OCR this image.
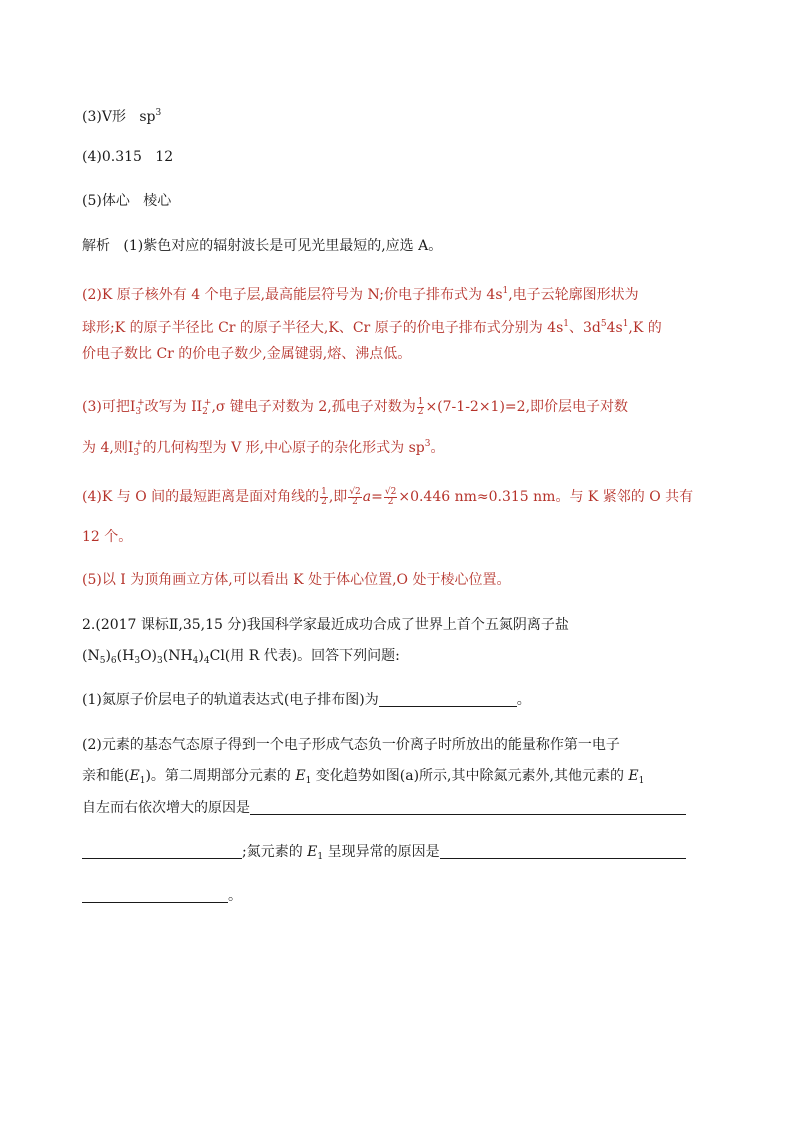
(3)V形 $sp^3$
(4)0.315 12
(5)体心 棱心
解析 (1)紫色对应的辐射波长是可见光里最短的,应选 A。
(2)K 原子核外有 4 个电子层,最高能层符号为 N;价电子排布式为 $4s^1$,电子云轮廓图形状为
球形;K 的原子半径比 Cr 的原子半径大,K、Cr 原子的价电子排布式分别为 $4s^1$、$3d^54s^1,K$ 的
价电子数比 Cr 的价电子数少,金属键弱,熔、沸点低。
(3)可把$I_3^+$改写为 $II_2^+,\sigma$ 键电子对数为 2,孤电子对数为 $\frac{1}{2} \times(7-1-2\times 1)=2$,即价层电子对数
为 4,则$I_3^+$的几何构型为 V 形,中心原子的杂化形式为 $sp^3$。
(4)K 与 O 间的最短距离是面对角线的 $\frac{1}{2}$ ,即 $\frac{√2}{2} a= \frac{√2}{2} \times 0.446$ nm≈0.315 nm。与 K 紧邻的 O 共有
12 个。
(5)以 I 为顶角画立方体,可以看出 K 处于体心位置,O 处于棱心位置。
2.(2017 课标Ⅱ,35,15 分)我国科学家最近成功合成了世界上首个五氮阴离子盐
$(N_5)_6(H_3O)_3(NH_4)_4Cl$(用 R 代表)。回答下列问题:
(1)氮原子价层电子的轨道表达式(电子排布图)为	。
(2)元素的基态气态原子得到一个电子形成气态负一价离子时所放出的能量称作第一电子
亲和能$(E_1)$。第二周期部分元素的 $E_1$ 变化趋势如图(a)所示,其中除氮元素外,其他元素的 $E_1$
自左而右依次增大的原因是
;氮元素的 $E_1$ 呈现异常的原因是
。
